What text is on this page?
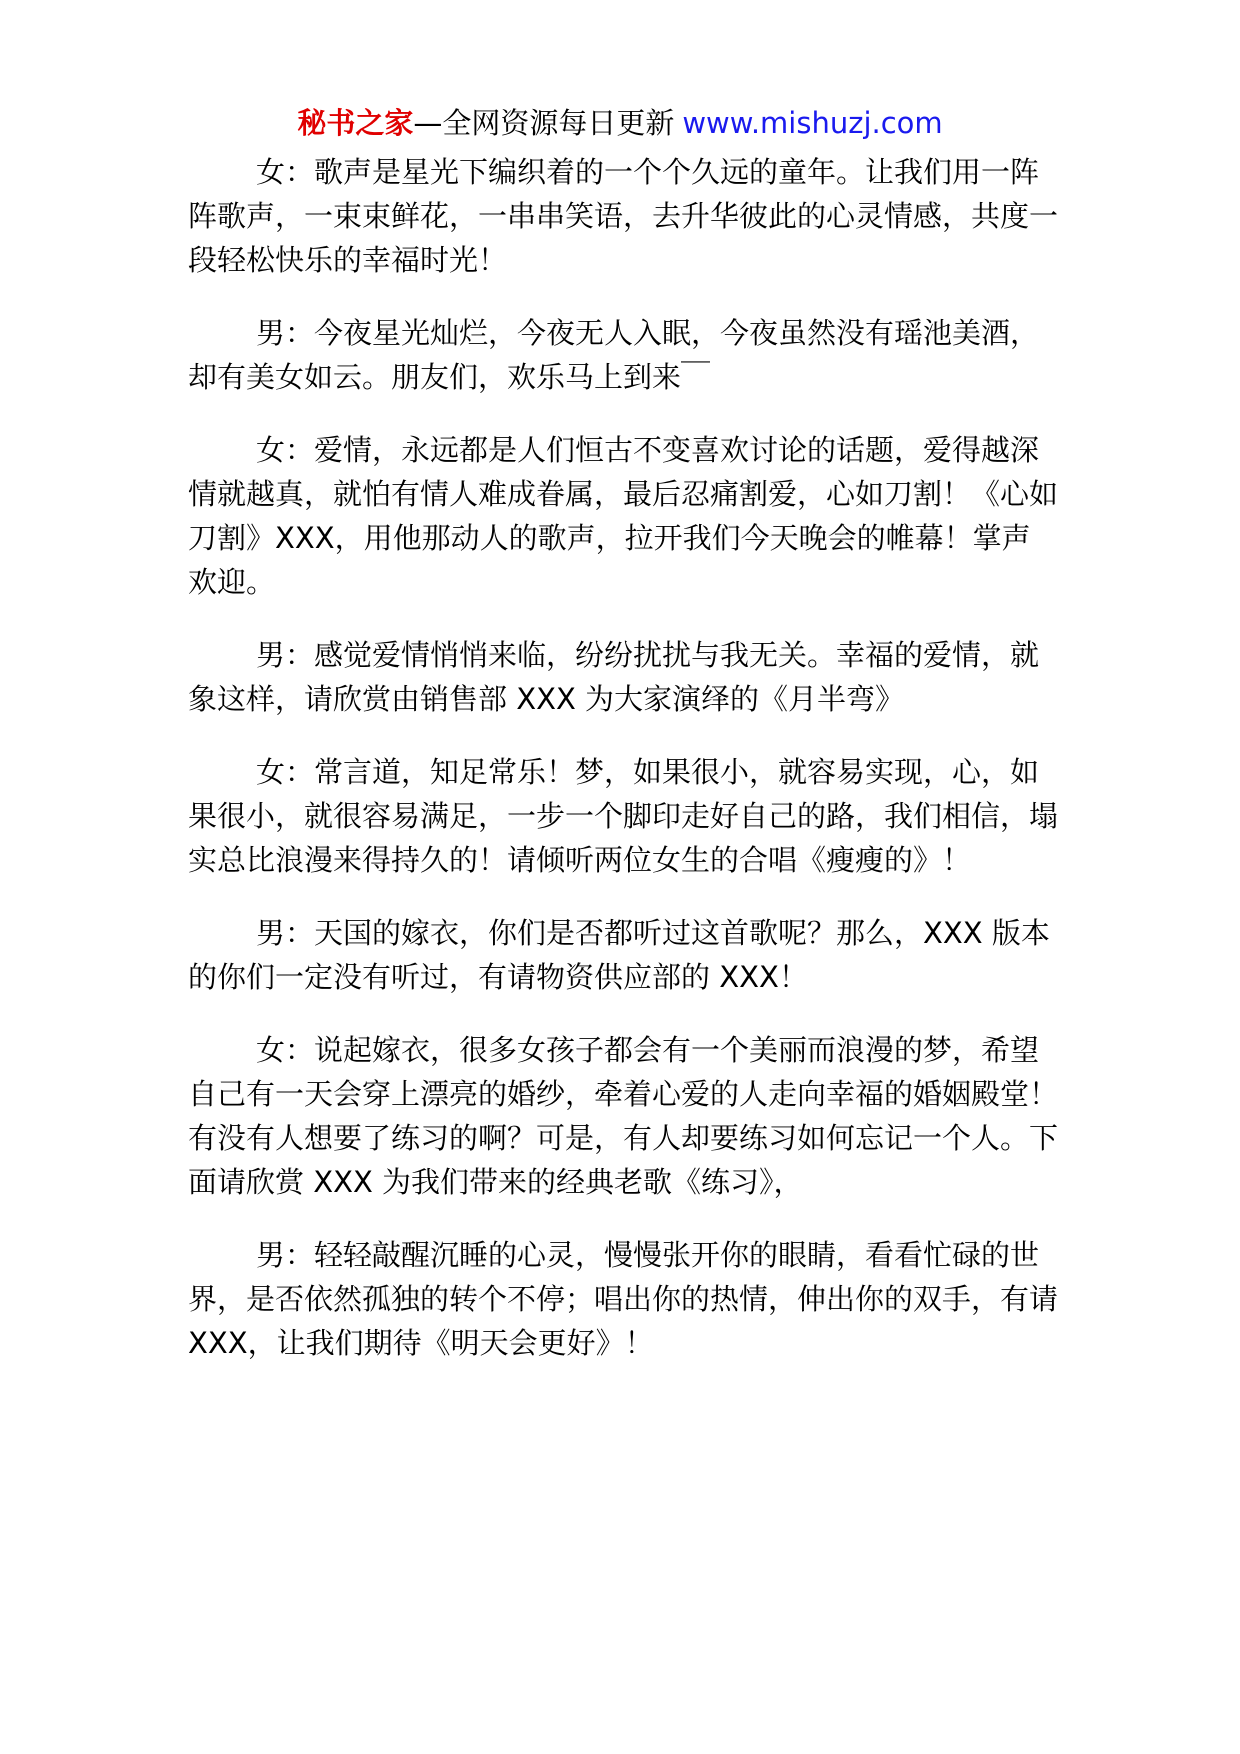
秘书之家—全网资源每日更新 www.mishuzj.com

女：歌声是星光下编织着的一个个久远的童年。让我们用一阵阵歌声，一束束鲜花，一串串笑语，去升华彼此的心灵情感，共度一段轻松快乐的幸福时光！

男：今夜星光灿烂，今夜无人入眠，今夜虽然没有瑶池美酒，却有美女如云。朋友们，欢乐马上到来￣

女：爱情，永远都是人们恒古不变喜欢讨论的话题，爱得越深情就越真，就怕有情人难成眷属，最后忍痛割爱，心如刀割！《心如刀割》XXX，用他那动人的歌声，拉开我们今天晚会的帷幕！掌声欢迎。

男：感觉爱情悄悄来临，纷纷扰扰与我无关。幸福的爱情，就象这样，请欣赏由销售部 XXX 为大家演绎的《月半弯》

女：常言道，知足常乐！梦，如果很小，就容易实现，心，如果很小，就很容易满足，一步一个脚印走好自己的路，我们相信，塌实总比浪漫来得持久的！请倾听两位女生的合唱《瘦瘦的》！

男：天国的嫁衣，你们是否都听过这首歌呢？那么，XXX 版本的你们一定没有听过，有请物资供应部的 XXX！

女：说起嫁衣，很多女孩子都会有一个美丽而浪漫的梦，希望自己有一天会穿上漂亮的婚纱，牵着心爱的人走向幸福的婚姻殿堂！有没有人想要了练习的啊？可是，有人却要练习如何忘记一个人。下面请欣赏 XXX 为我们带来的经典老歌《练习》，

男：轻轻敲醒沉睡的心灵，慢慢张开你的眼睛，看看忙碌的世界，是否依然孤独的转个不停；唱出你的热情，伸出你的双手，有请 XXX，让我们期待《明天会更好》！
